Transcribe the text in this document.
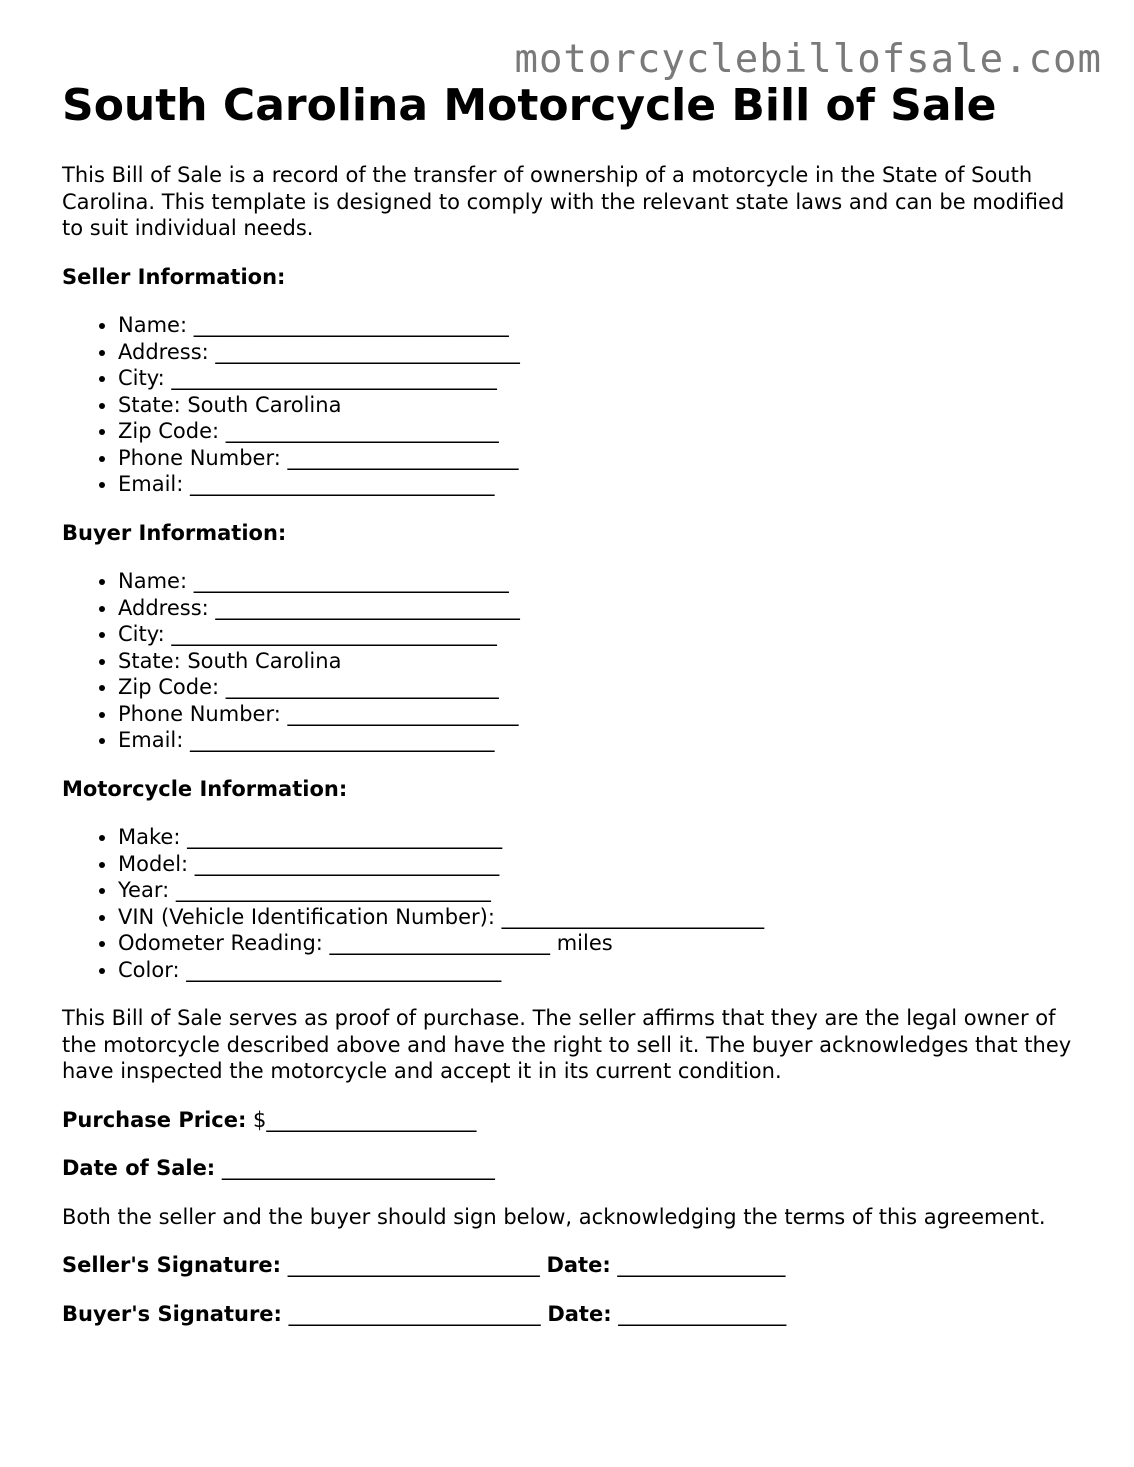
motorcyclebillofsale.com
South Carolina Motorcycle Bill of Sale

This Bill of Sale is a record of the transfer of ownership of a motorcycle in the State of South Carolina. This template is designed to comply with the relevant state laws and can be modified to suit individual needs.

Seller Information:

• Name: ______________________________
• Address: _____________________________
• City: _______________________________
• State: South Carolina
• Zip Code: __________________________
• Phone Number: ______________________
• Email: _____________________________

Buyer Information:

• Name: ______________________________
• Address: _____________________________
• City: _______________________________
• State: South Carolina
• Zip Code: __________________________
• Phone Number: ______________________
• Email: _____________________________

Motorcycle Information:

• Make: ______________________________
• Model: _____________________________
• Year: ______________________________
• VIN (Vehicle Identification Number): _________________________
• Odometer Reading: _____________________ miles
• Color: ______________________________

This Bill of Sale serves as proof of purchase. The seller affirms that they are the legal owner of the motorcycle described above and have the right to sell it. The buyer acknowledges that they have inspected the motorcycle and accept it in its current condition.

Purchase Price: $____________________

Date of Sale: __________________________

Both the seller and the buyer should sign below, acknowledging the terms of this agreement.

Seller's Signature: ________________________ Date: ________________

Buyer's Signature: ________________________ Date: ________________
